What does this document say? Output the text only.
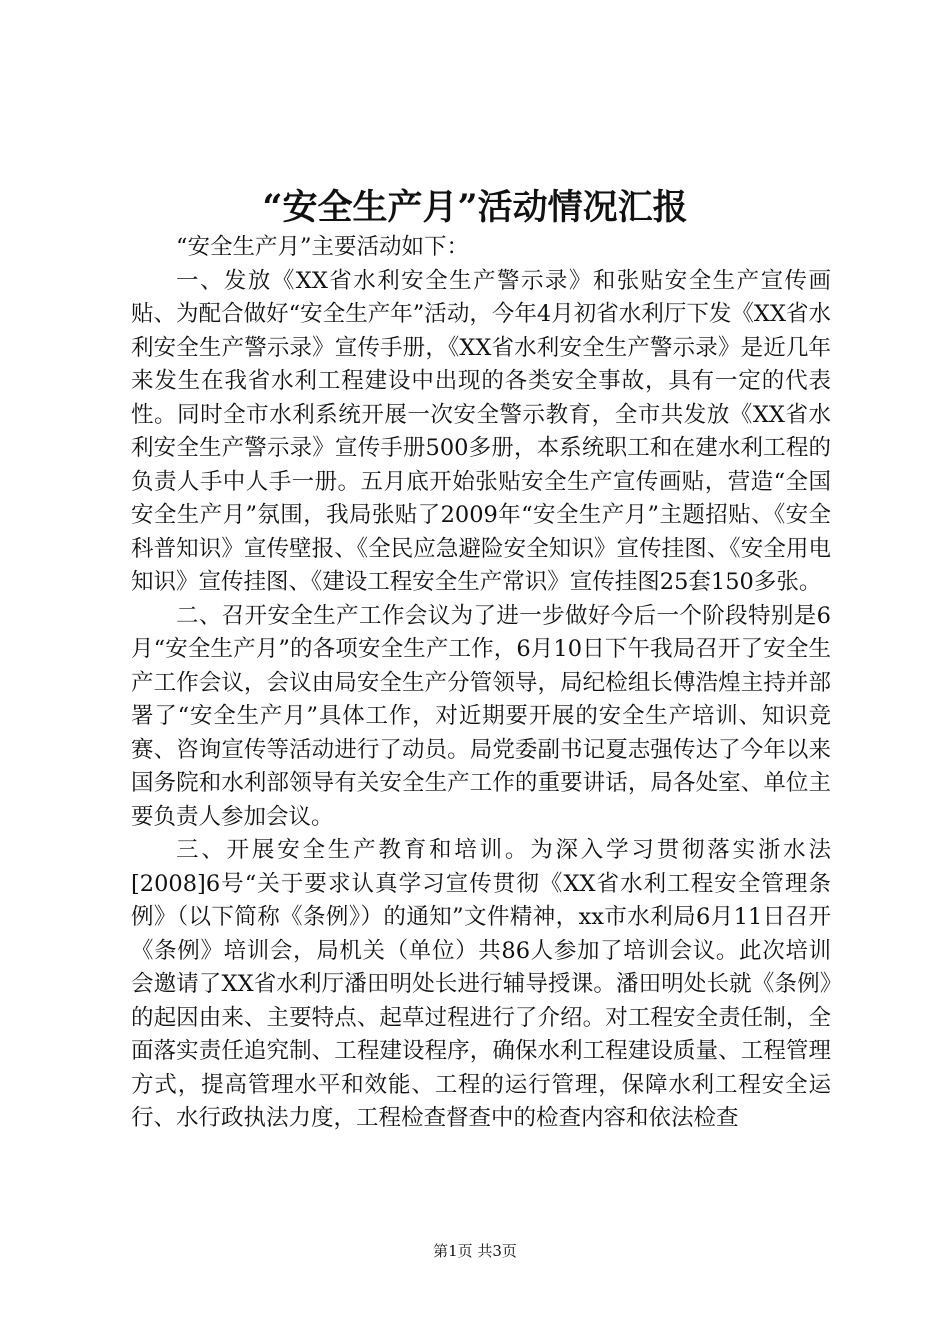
“安全生产月”活动情况汇报

“安全生产月”主要活动如下：

一、发放《XX省水利安全生产警示录》和张贴安全生产宣传画贴、为配合做好“安全生产年”活动，今年4月初省水利厅下发《XX省水利安全生产警示录》宣传手册，《XX省水利安全生产警示录》是近几年来发生在我省水利工程建设中出现的各类安全事故，具有一定的代表性。同时全市水利系统开展一次安全警示教育，全市共发放《XX省水利安全生产警示录》宣传手册500多册，本系统职工和在建水利工程的负责人手中人手一册。五月底开始张贴安全生产宣传画贴，营造“全国安全生产月”氛围，我局张贴了2009年“安全生产月”主题招贴、《安全科普知识》宣传壁报、《全民应急避险安全知识》宣传挂图、《安全用电知识》宣传挂图、《建设工程安全生产常识》宣传挂图25套150多张。

二、召开安全生产工作会议为了进一步做好今后一个阶段特别是6月“安全生产月”的各项安全生产工作，6月10日下午我局召开了安全生产工作会议，会议由局安全生产分管领导，局纪检组长傅浩煌主持并部署了“安全生产月”具体工作，对近期要开展的安全生产培训、知识竞赛、咨询宣传等活动进行了动员。局党委副书记夏志强传达了今年以来国务院和水利部领导有关安全生产工作的重要讲话，局各处室、单位主要负责人参加会议。

三、开展安全生产教育和培训。为深入学习贯彻落实浙水法[2008]6号“关于要求认真学习宣传贯彻《XX省水利工程安全管理条例》（以下简称《条例》）的通知”文件精神，xx市水利局6月11日召开《条例》培训会，局机关（单位）共86人参加了培训会议。此次培训会邀请了XX省水利厅潘田明处长进行辅导授课。潘田明处长就《条例》的起因由来、主要特点、起草过程进行了介绍。对工程安全责任制，全面落实责任追究制、工程建设程序，确保水利工程建设质量、工程管理方式，提高管理水平和效能、工程的运行管理，保障水利工程安全运行、水行政执法力度，工程检查督查中的检查内容和依法检查

第1页 共3页
